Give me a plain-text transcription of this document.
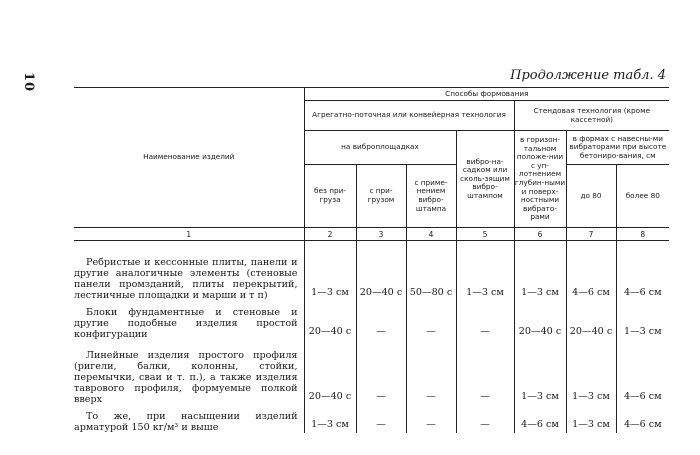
10	Продолжение табл. 4
Наименование изделий	Способы формования						
	Агрегатно-поточная или конвейерная технология				Стендовая технология (кроме кассетной)		
	на виброплощадках			вибро-на-садком или сколь-зящим вибро-штампом	в горизон-тальном положе-нии с уп-лотнением глубин-ными и поверх-ностными вибрато-рами	в формах с навесны-ми вибраторами при высоте бетониро-вания, см	
	без при-груза	с при-грузом	с приме-нением вибро-штампа			до 80	более 80
1	2	3	4	5	6	7	8
Ребристые и кессонные плиты, панели и другие аналогичные элементы (стеновые панели промзданий, плиты перекрытий, лестничные площадки и марши и т п)	1—3 см	20—40 с	50—80 с	1—3 см	1—3 см	4—6 см	4—6 см
Блоки фундаментные и стеновые и другие подобные изделия простой конфигурации	20—40 с	—	—	—	20—40 с	20—40 с	1—3 см
Линейные изделия простого профиля (ригели, балки, колонны, стойки, перемычки, сваи и т. п.), а также изделия таврового профиля, формуемые полкой вверх	20—40 с	—	—	—	1—3 см	1—3 см	4—6 см
То же, при насыщении изделий арматурой 150 кг/м³ и выше	1—3 см	—	—	—	4—6 см	1—3 см	4—6 см
